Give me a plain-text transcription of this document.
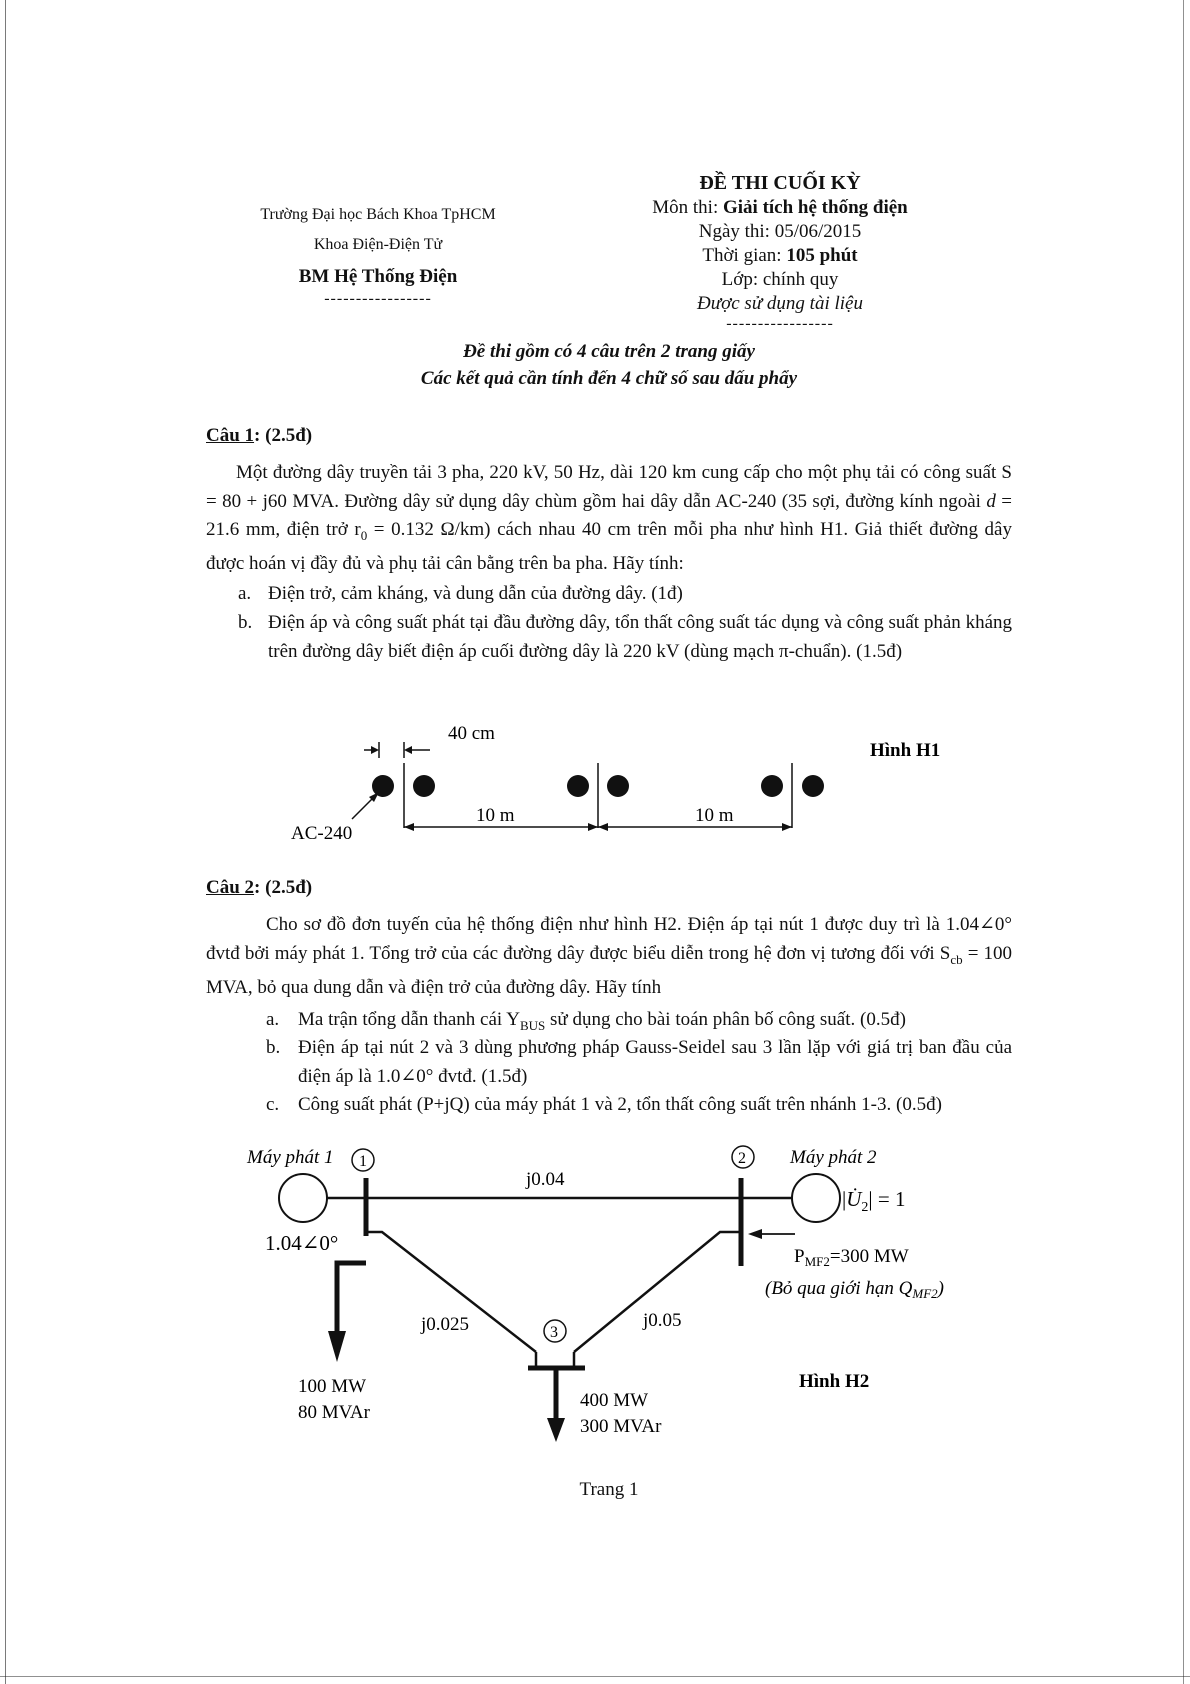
Trường Đại học Bách Khoa TpHCM
Khoa Điện-Điện Tử
BM Hệ Thống Điện
-----------------
ĐỀ THI CUỐI KỲ
Môn thi: Giải tích hệ thống điện
Ngày thi: 05/06/2015
Thời gian: 105 phút
Lớp: chính quy
Được sử dụng tài liệu
-----------------
Đề thi gồm có 4 câu trên 2 trang giấy
Các kết quả cần tính đến 4 chữ số sau dấu phẩy
Câu 1: (2.5đ)
Một đường dây truyền tải 3 pha, 220 kV, 50 Hz, dài 120 km cung cấp cho một phụ tải có công suất S = 80 + j60 MVA. Đường dây sử dụng dây chùm gồm hai dây dẫn AC-240 (35 sợi, đường kính ngoài d = 21.6 mm, điện trở $r_0 = 0.132$ Ω/km) cách nhau 40 cm trên mỗi pha như hình H1. Giả thiết đường dây được hoán vị đầy đủ và phụ tải cân bằng trên ba pha. Hãy tính:
a. Điện trở, cảm kháng, và dung dẫn của đường dây. (1đ)
b. Điện áp và công suất phát tại đầu đường dây, tổn thất công suất tác dụng và công suất phản kháng trên đường dây biết điện áp cuối đường dây là 220 kV (dùng mạch π-chuẩn). (1.5đ)
40 cm
10 m	10 m
AC-240
Hình H1
Câu 2: (2.5đ)
Cho sơ đồ đơn tuyến của hệ thống điện như hình H2. Điện áp tại nút 1 được duy trì là 1.04∠0° đvtđ bởi máy phát 1. Tổng trở của các đường dây được biểu diễn trong hệ đơn vị tương đối với $S_{cb} = 100$ MVA, bỏ qua dung dẫn và điện trở của đường dây. Hãy tính
a. Ma trận tổng dẫn thanh cái $Y_{BUS}$ sử dụng cho bài toán phân bố công suất. (0.5đ)
b. Điện áp tại nút 2 và 3 dùng phương pháp Gauss-Seidel sau 3 lần lặp với giá trị ban đầu của điện áp là 1.0∠0° đvtđ. (1.5đ)
c. Công suất phát (P+jQ) của máy phát 1 và 2, tổn thất công suất trên nhánh 1-3. (0.5đ)
1	2
3
Máy phát 1	Máy phát 2
j0.04
j0.025	j0.05
1.04∠0°
$|U̇_2| = 1$
$P_{MF2}=300$ MW
(Bỏ qua giới hạn $Q_{MF2}$)
100 MW
80 MVAr
400 MW
300 MVAr
Hình H2
Trang 1
